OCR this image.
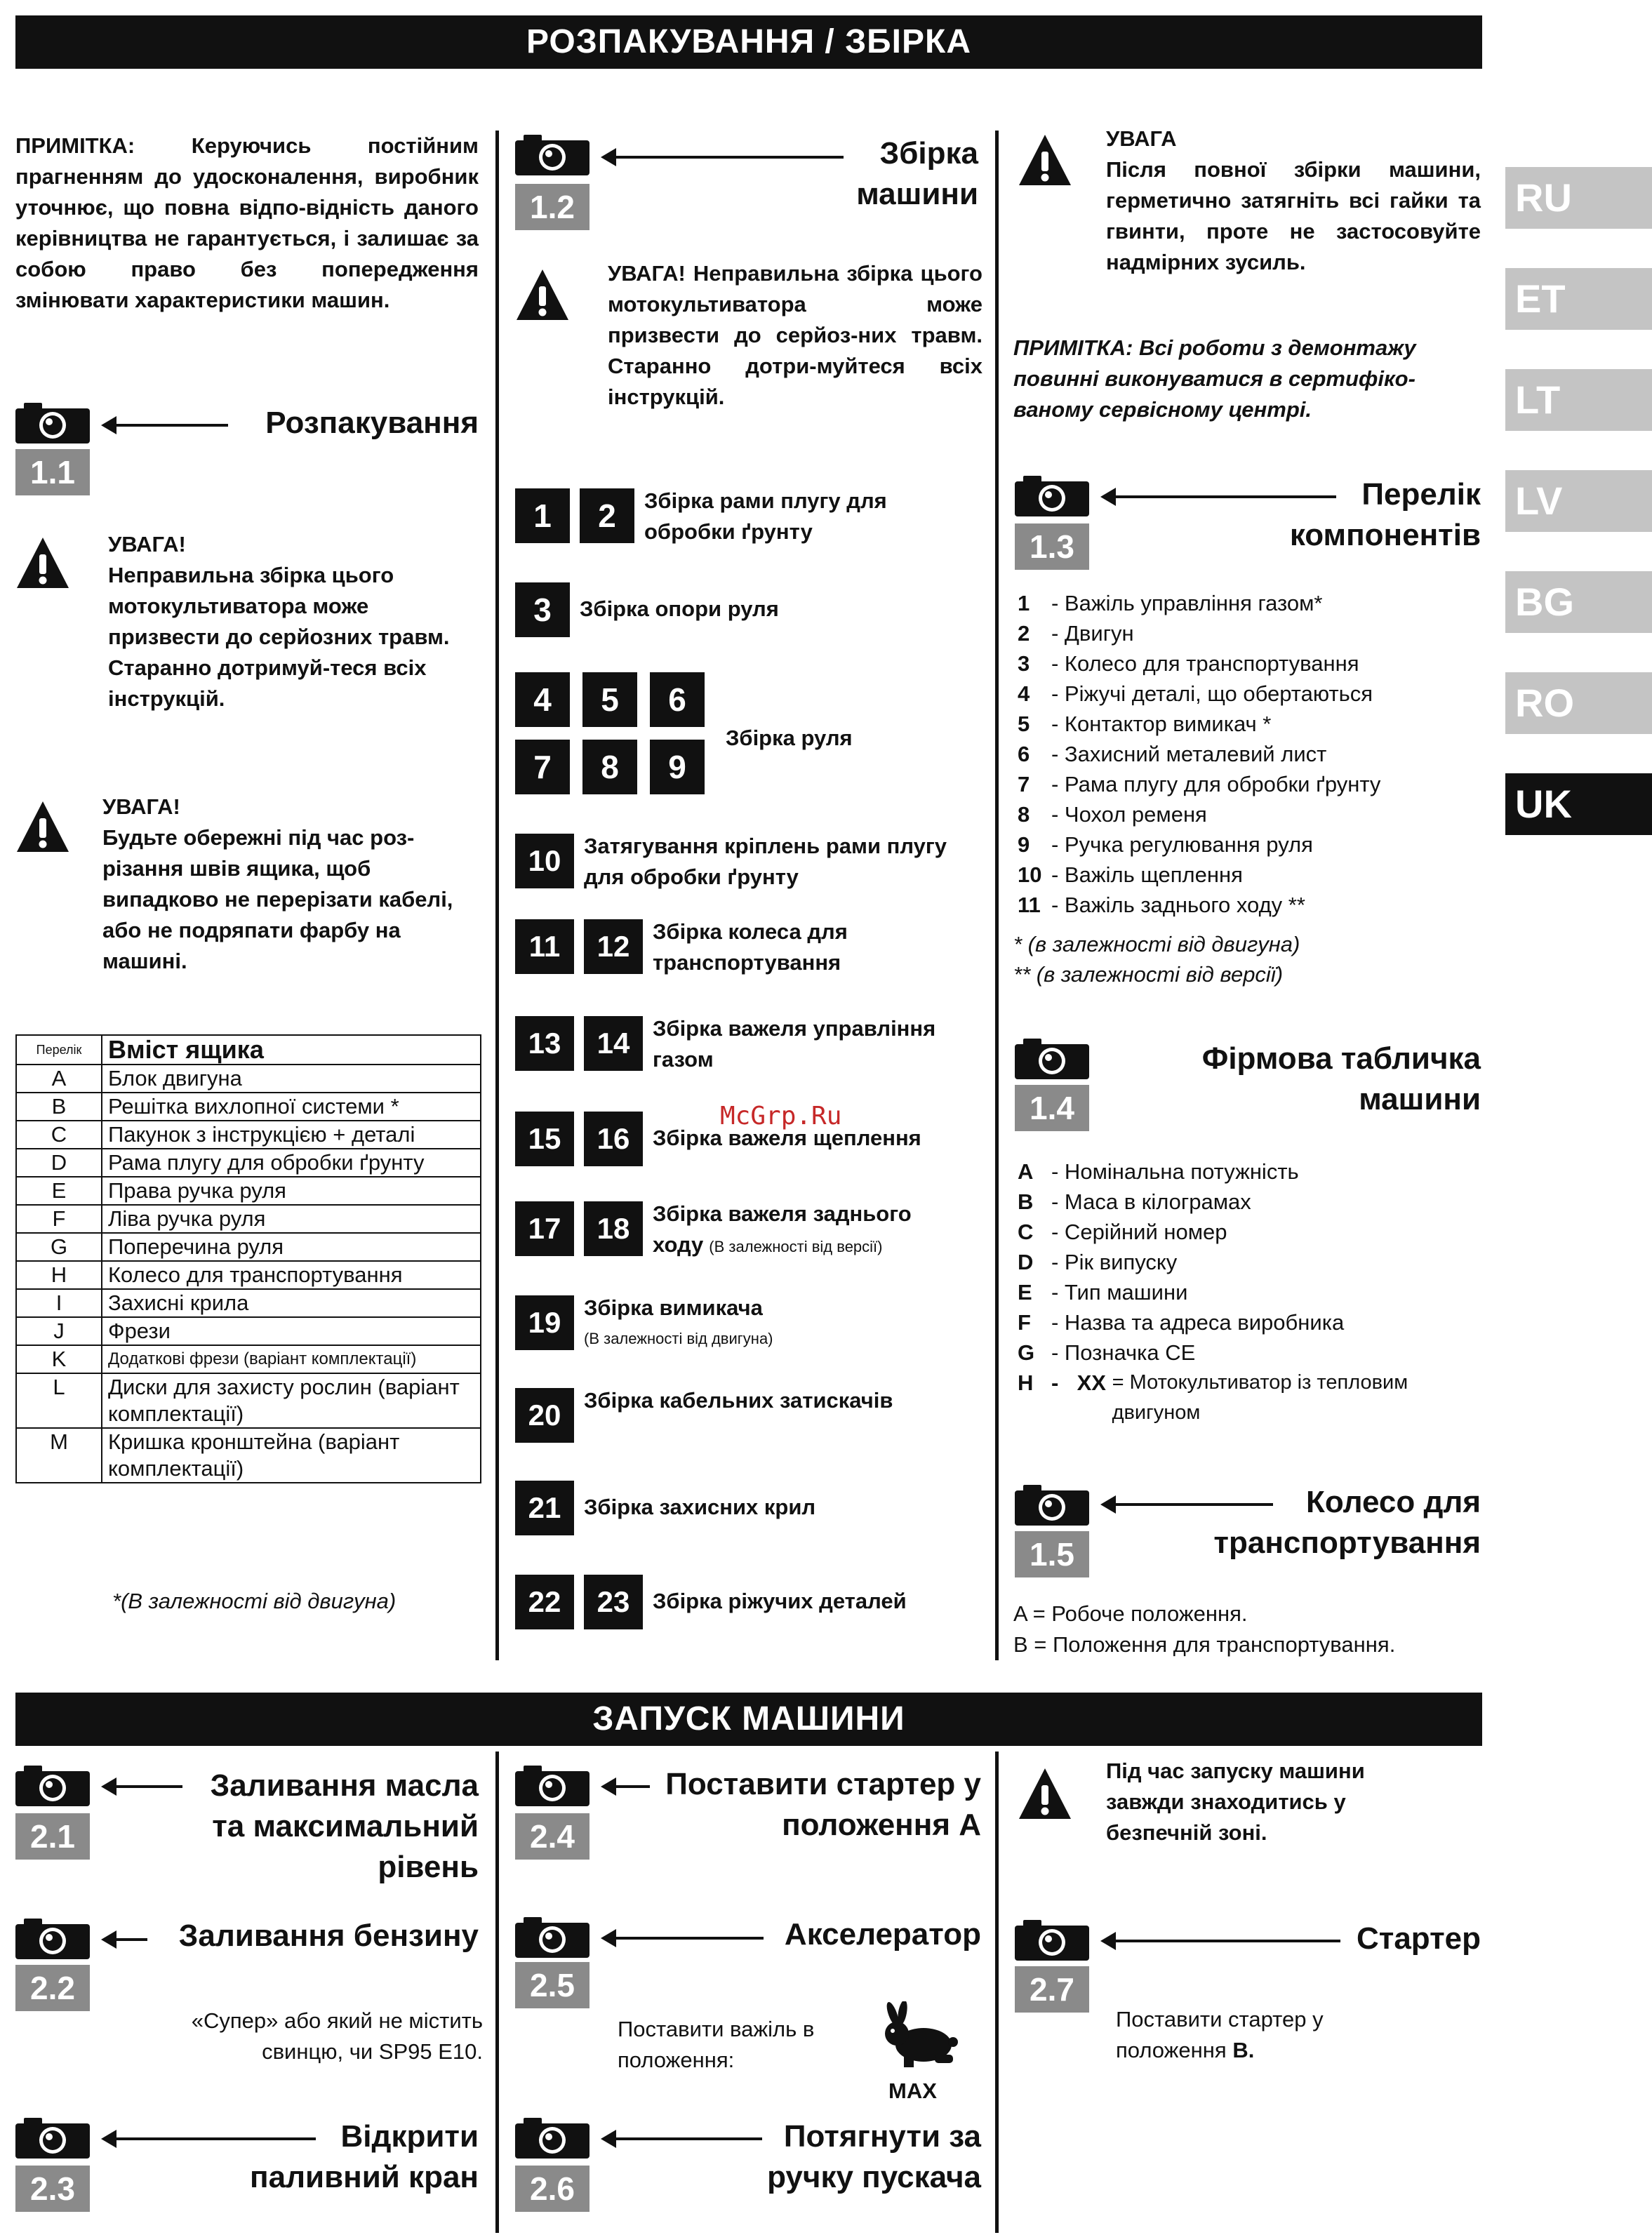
РОЗПАКУВАННЯ / ЗБІРКА
ПРИМІТКА: Керуючись постійним прагненням до удосконалення, виробник уточнює, що повна відпо-відність даного керівництва не гарантується, і залишає за собою право без попередження змінювати характеристики машин.
Розпакування
1.1
УВАГА!
Неправильна збірка цього мотокультиватора може призвести до серйозних травм. Старанно дотримуй-теся всіх інструкцій.
УВАГА!
Будьте обережні під час роз-різання швів ящика, щоб випадково не перерізати кабелі, або не подряпати фарбу на машині.
Перелік	Вміст ящика
A	Блок двигуна
B	Решітка вихлопної системи *
C	Пакунок з інструкцією + деталі
D	Рама плугу для обробки ґрунту
E	Права ручка руля
F	Ліва ручка руля
G	Поперечина руля
H	Колесо для транспортування
I	Захисні крила
J	Фрези
K	Додаткові фрези (варіант комплектації)
L	Диски для захисту рослин (варіант комплектації)
M	Кришка кронштейна (варіант комплектації)
*(В залежності від двигуна)
Збірка машини
1.2
УВАГА! Неправильна збірка цього мотокультиватора може призвести до серйоз-них травм. Старанно дотри-муйтеся всіх інструкцій.
1	2	Збірка рами плугу для обробки ґрунту
3	Збірка опори руля
4	5	6
7	8	9
Збірка руля
10	Затягування кріплень рами плугу для обробки ґрунту
11	12	Збірка колеса для транспортування
13	14	Збірка важеля управління газом
15	16	Збірка важеля щеплення
17	18	Збірка важеля заднього ходу (В залежності від версії)
19	Збірка вимикача
(В залежності від двигуна)
20	Збірка кабельних затискачів
21	Збірка захисних крил
22	23	Збірка ріжучих деталей
УВАГА
Після повної збірки машини, герметично затягніть всі гайки та гвинти, проте не застосовуйте надмірних зусиль.
ПРИМІТКА: Всі роботи з демонтажу повинні виконуватися в сертифіко-ваному сервісному центрі.
Перелік компонентів
1.3
1 - Важіль управління газом*
2 - Двигун
3 - Колесо для транспортування
4 - Ріжучі деталі, що обертаються
5 - Контактор вимикач *
6 - Захисний металевий лист
7 - Рама плугу для обробки ґрунту
8 - Чохол ременя
9 - Ручка регулювання руля
10 - Важіль щеплення
11 - Важіль заднього ходу **
* (в залежності від двигуна)
** (в залежності від версії)
Фірмова табличка машини
1.4
A - Номінальна потужність
B - Маса в кілограмах
C - Серійний номер
D - Рік випуску
E - Тип машини
F - Назва та адреса виробника
G - Позначка CE
H - XX = Мотокультиватор із тепловим двигуном
Колесо для транспортування
1.5
A = Робоче положення.
B = Положення для транспортування.
RU
ET
LT
LV
BG
RO
UK
McGrp.Ru
ЗАПУСК МАШИНИ
Заливання масла та максимальний рівень
2.1
Заливання бензину
2.2
«Супер» або який не містить свинцю, чи SP95 E10.
Відкрити паливний кран
2.3
Поставити стартер у положення А
2.4
Акселератор
2.5
Поставити важіль в положення:
MAX
Потягнути за ручку пускача
2.6
Під час запуску машини завжди знаходитись у безпечній зоні.
Стартер
2.7
Поставити стартер у положення B.
